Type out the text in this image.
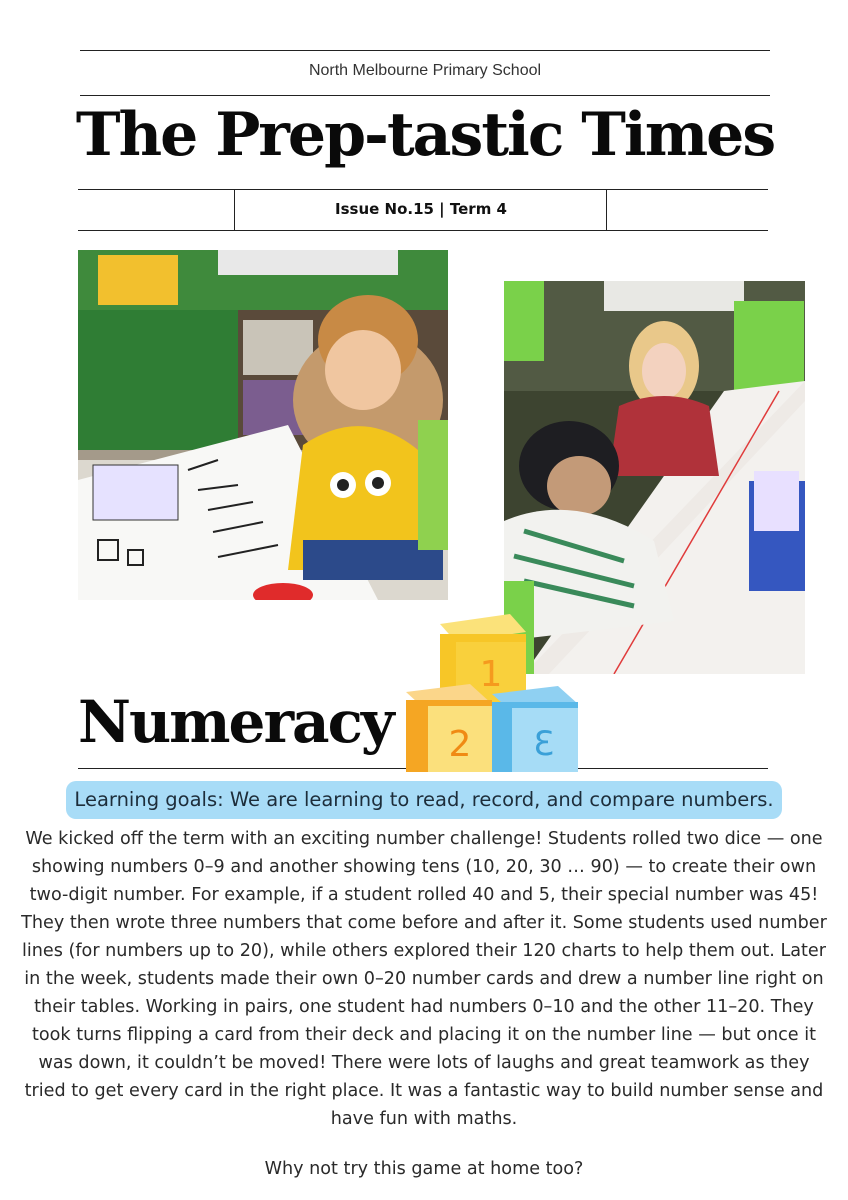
North Melbourne Primary School
The Prep-tastic Times
Issue No.15 | Term 4
Numeracy
1
2 3
Learning goals: We are learning to read, record, and compare numbers.
We kicked off the term with an exciting number challenge! Students rolled two dice — one showing numbers 0–9 and another showing tens (10, 20, 30 … 90) — to create their own two-digit number. For example, if a student rolled 40 and 5, their special number was 45! They then wrote three numbers that come before and after it. Some students used number lines (for numbers up to 20), while others explored their 120 charts to help them out. Later in the week, students made their own 0–20 number cards and drew a number line right on their tables. Working in pairs, one student had numbers 0–10 and the other 11–20. They took turns flipping a card from their deck and placing it on the number line — but once it was down, it couldn’t be moved! There were lots of laughs and great teamwork as they tried to get every card in the right place. It was a fantastic way to build number sense and have fun with maths.
Why not try this game at home too?
